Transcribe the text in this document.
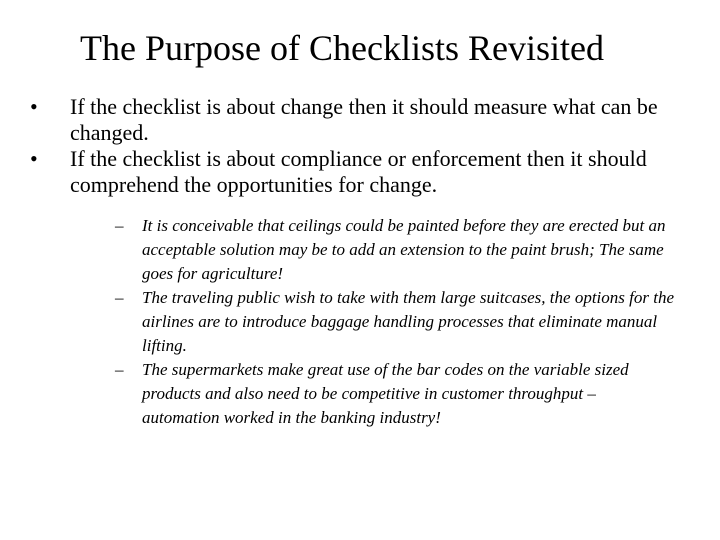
The Purpose of Checklists Revisited
• If the checklist is about change then it should measure what can be changed.
• If the checklist is about compliance or enforcement then it should comprehend the opportunities for change.
– It is conceivable that ceilings could be painted before they are erected but an acceptable solution may be to add an extension to the paint brush; The same goes for agriculture!
– The traveling public wish to take with them large suitcases, the options for the airlines are to introduce baggage handling processes that eliminate manual lifting.
– The supermarkets make great use of the bar codes on the variable sized products and also need to be competitive in customer throughput – automation worked in the banking industry!
